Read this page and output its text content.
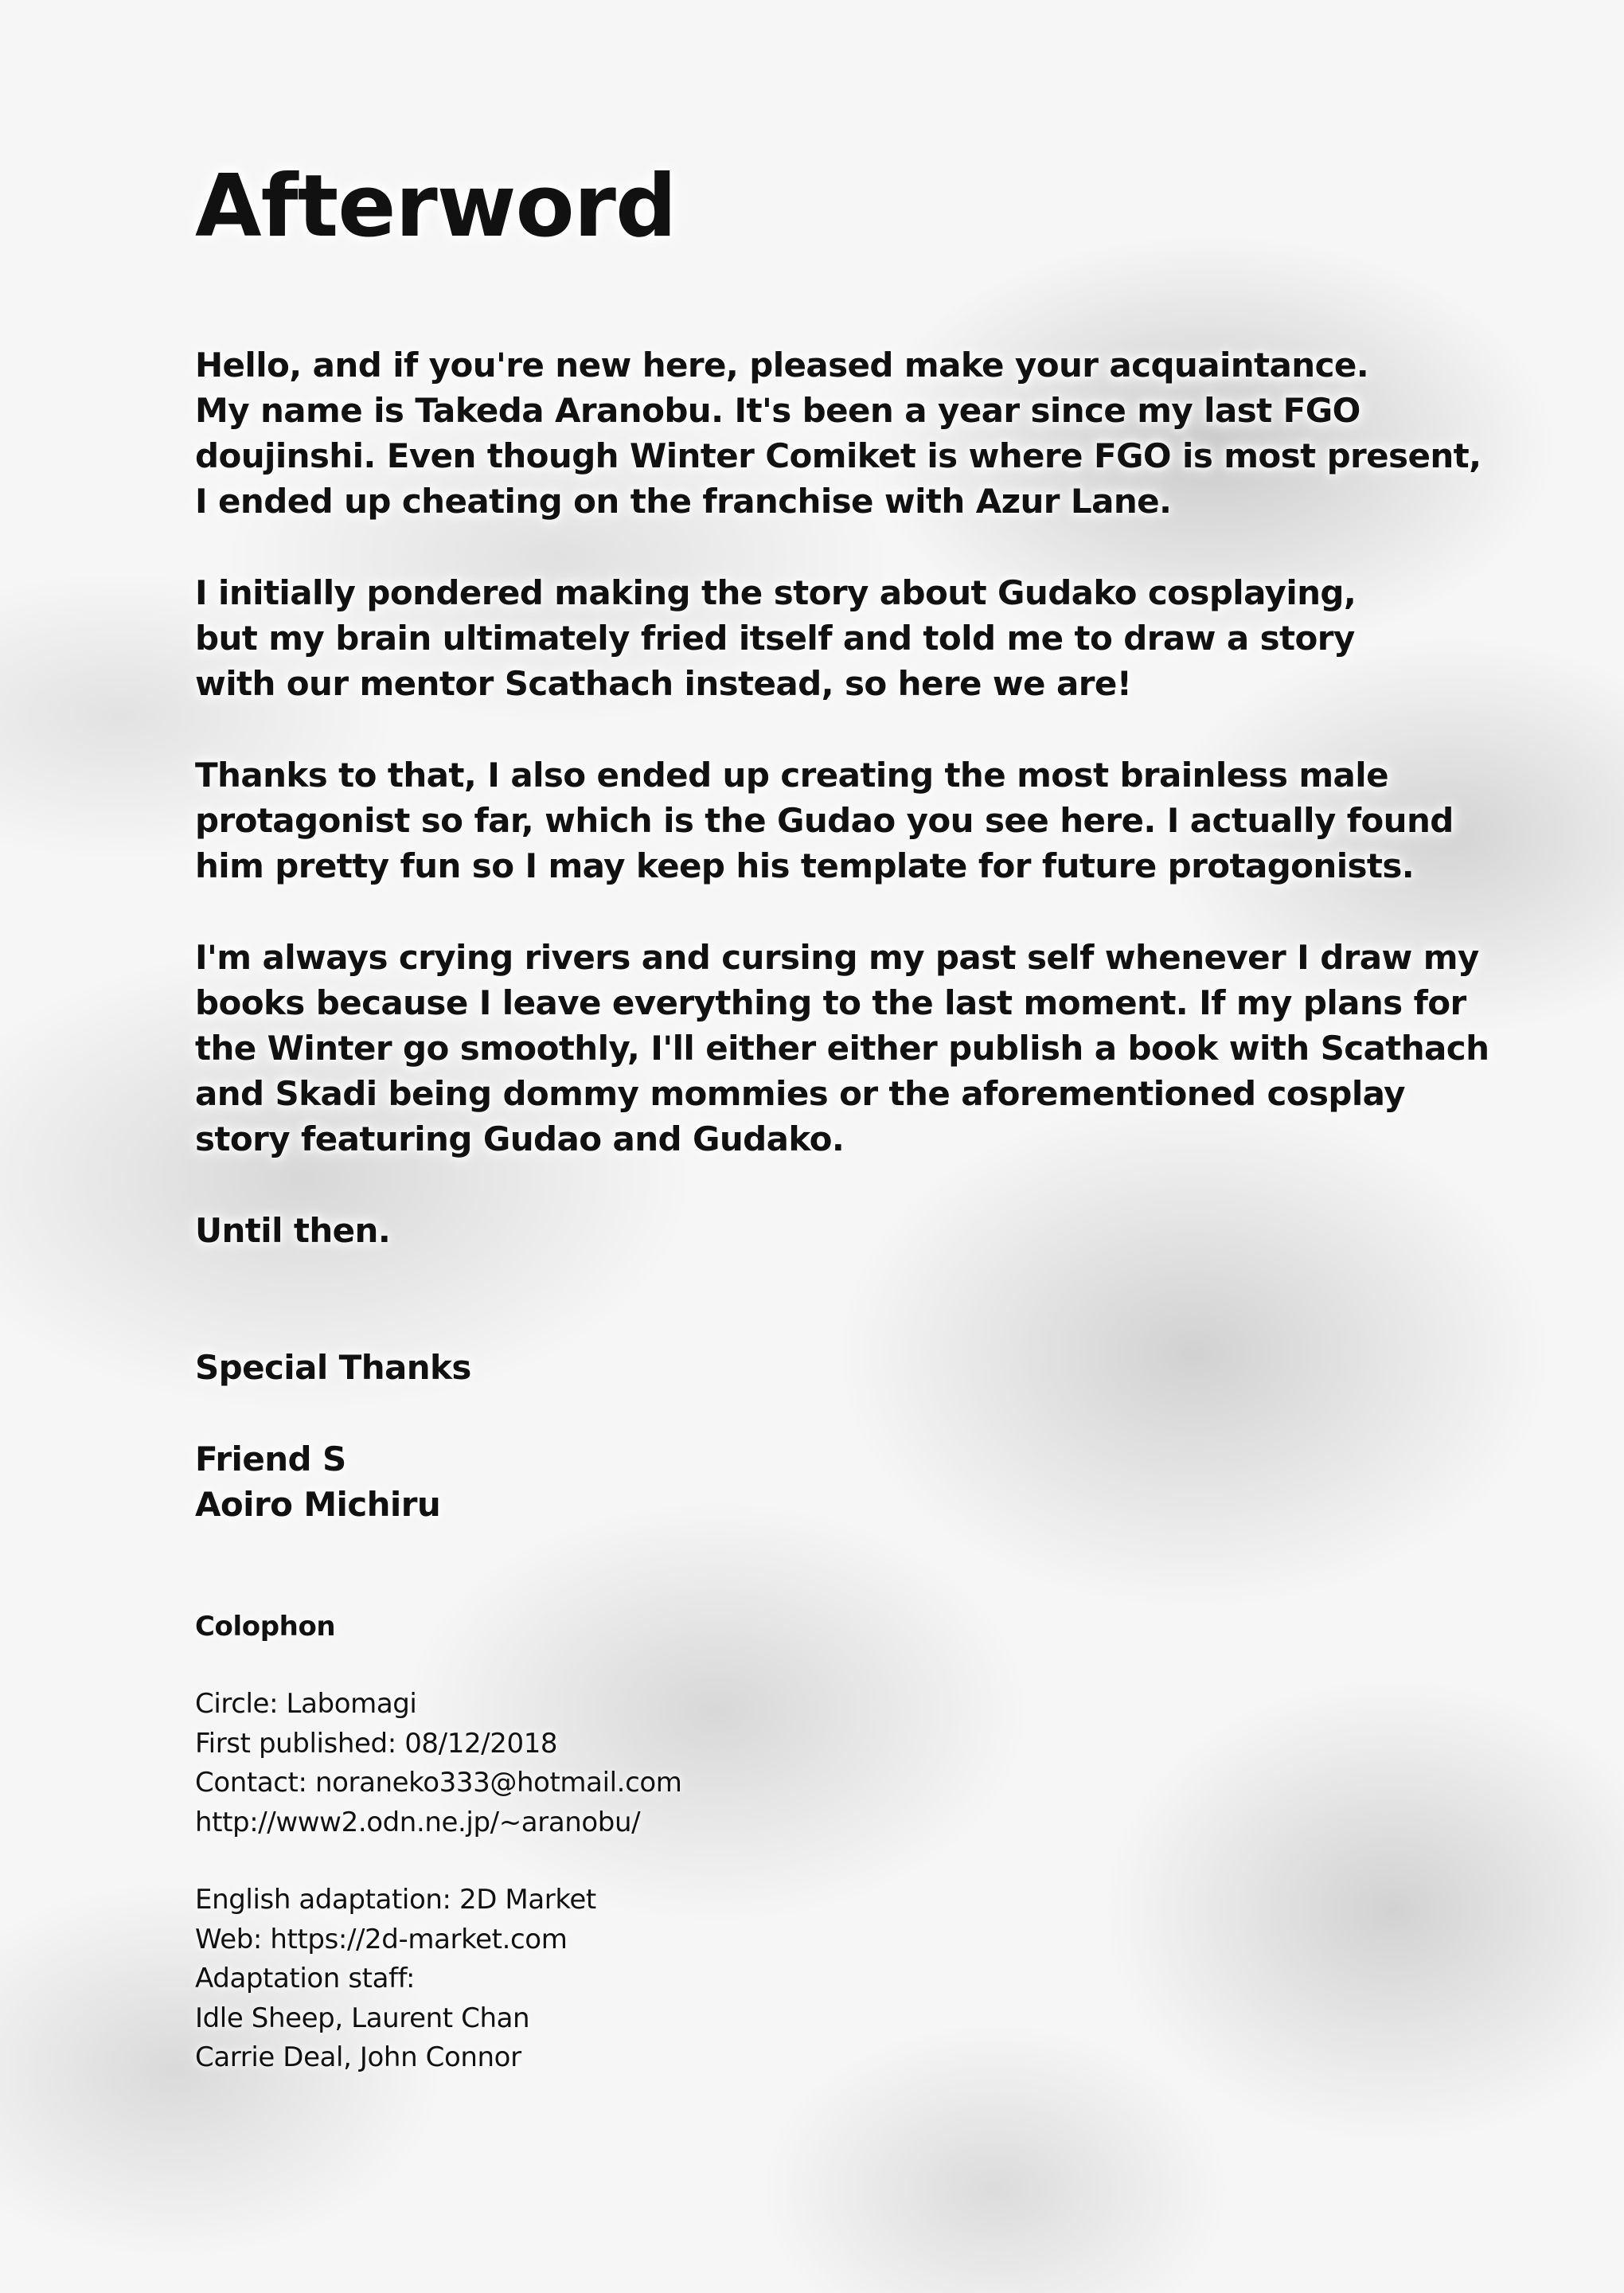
Afterword

Hello, and if you're new here, pleased make your acquaintance.
My name is Takeda Aranobu. It's been a year since my last FGO
doujinshi. Even though Winter Comiket is where FGO is most present,
I ended up cheating on the franchise with Azur Lane.

I initially pondered making the story about Gudako cosplaying,
but my brain ultimately fried itself and told me to draw a story
with our mentor Scathach instead, so here we are!

Thanks to that, I also ended up creating the most brainless male
protagonist so far, which is the Gudao you see here. I actually found
him pretty fun so I may keep his template for future protagonists.

I'm always crying rivers and cursing my past self whenever I draw my
books because I leave everything to the last moment. If my plans for
the Winter go smoothly, I'll either either publish a book with Scathach
and Skadi being dommy mommies or the aforementioned cosplay
story featuring Gudao and Gudako.

Until then.

Special Thanks
Friend S
Aoiro Michiru
Colophon
Circle: Labomagi
First published: 08/12/2018
Contact: noraneko333@hotmail.com
http://www2.odn.ne.jp/~aranobu/
English adaptation: 2D Market
Web: https://2d-market.com
Adaptation staff:
Idle Sheep, Laurent Chan
Carrie Deal, John Connor
